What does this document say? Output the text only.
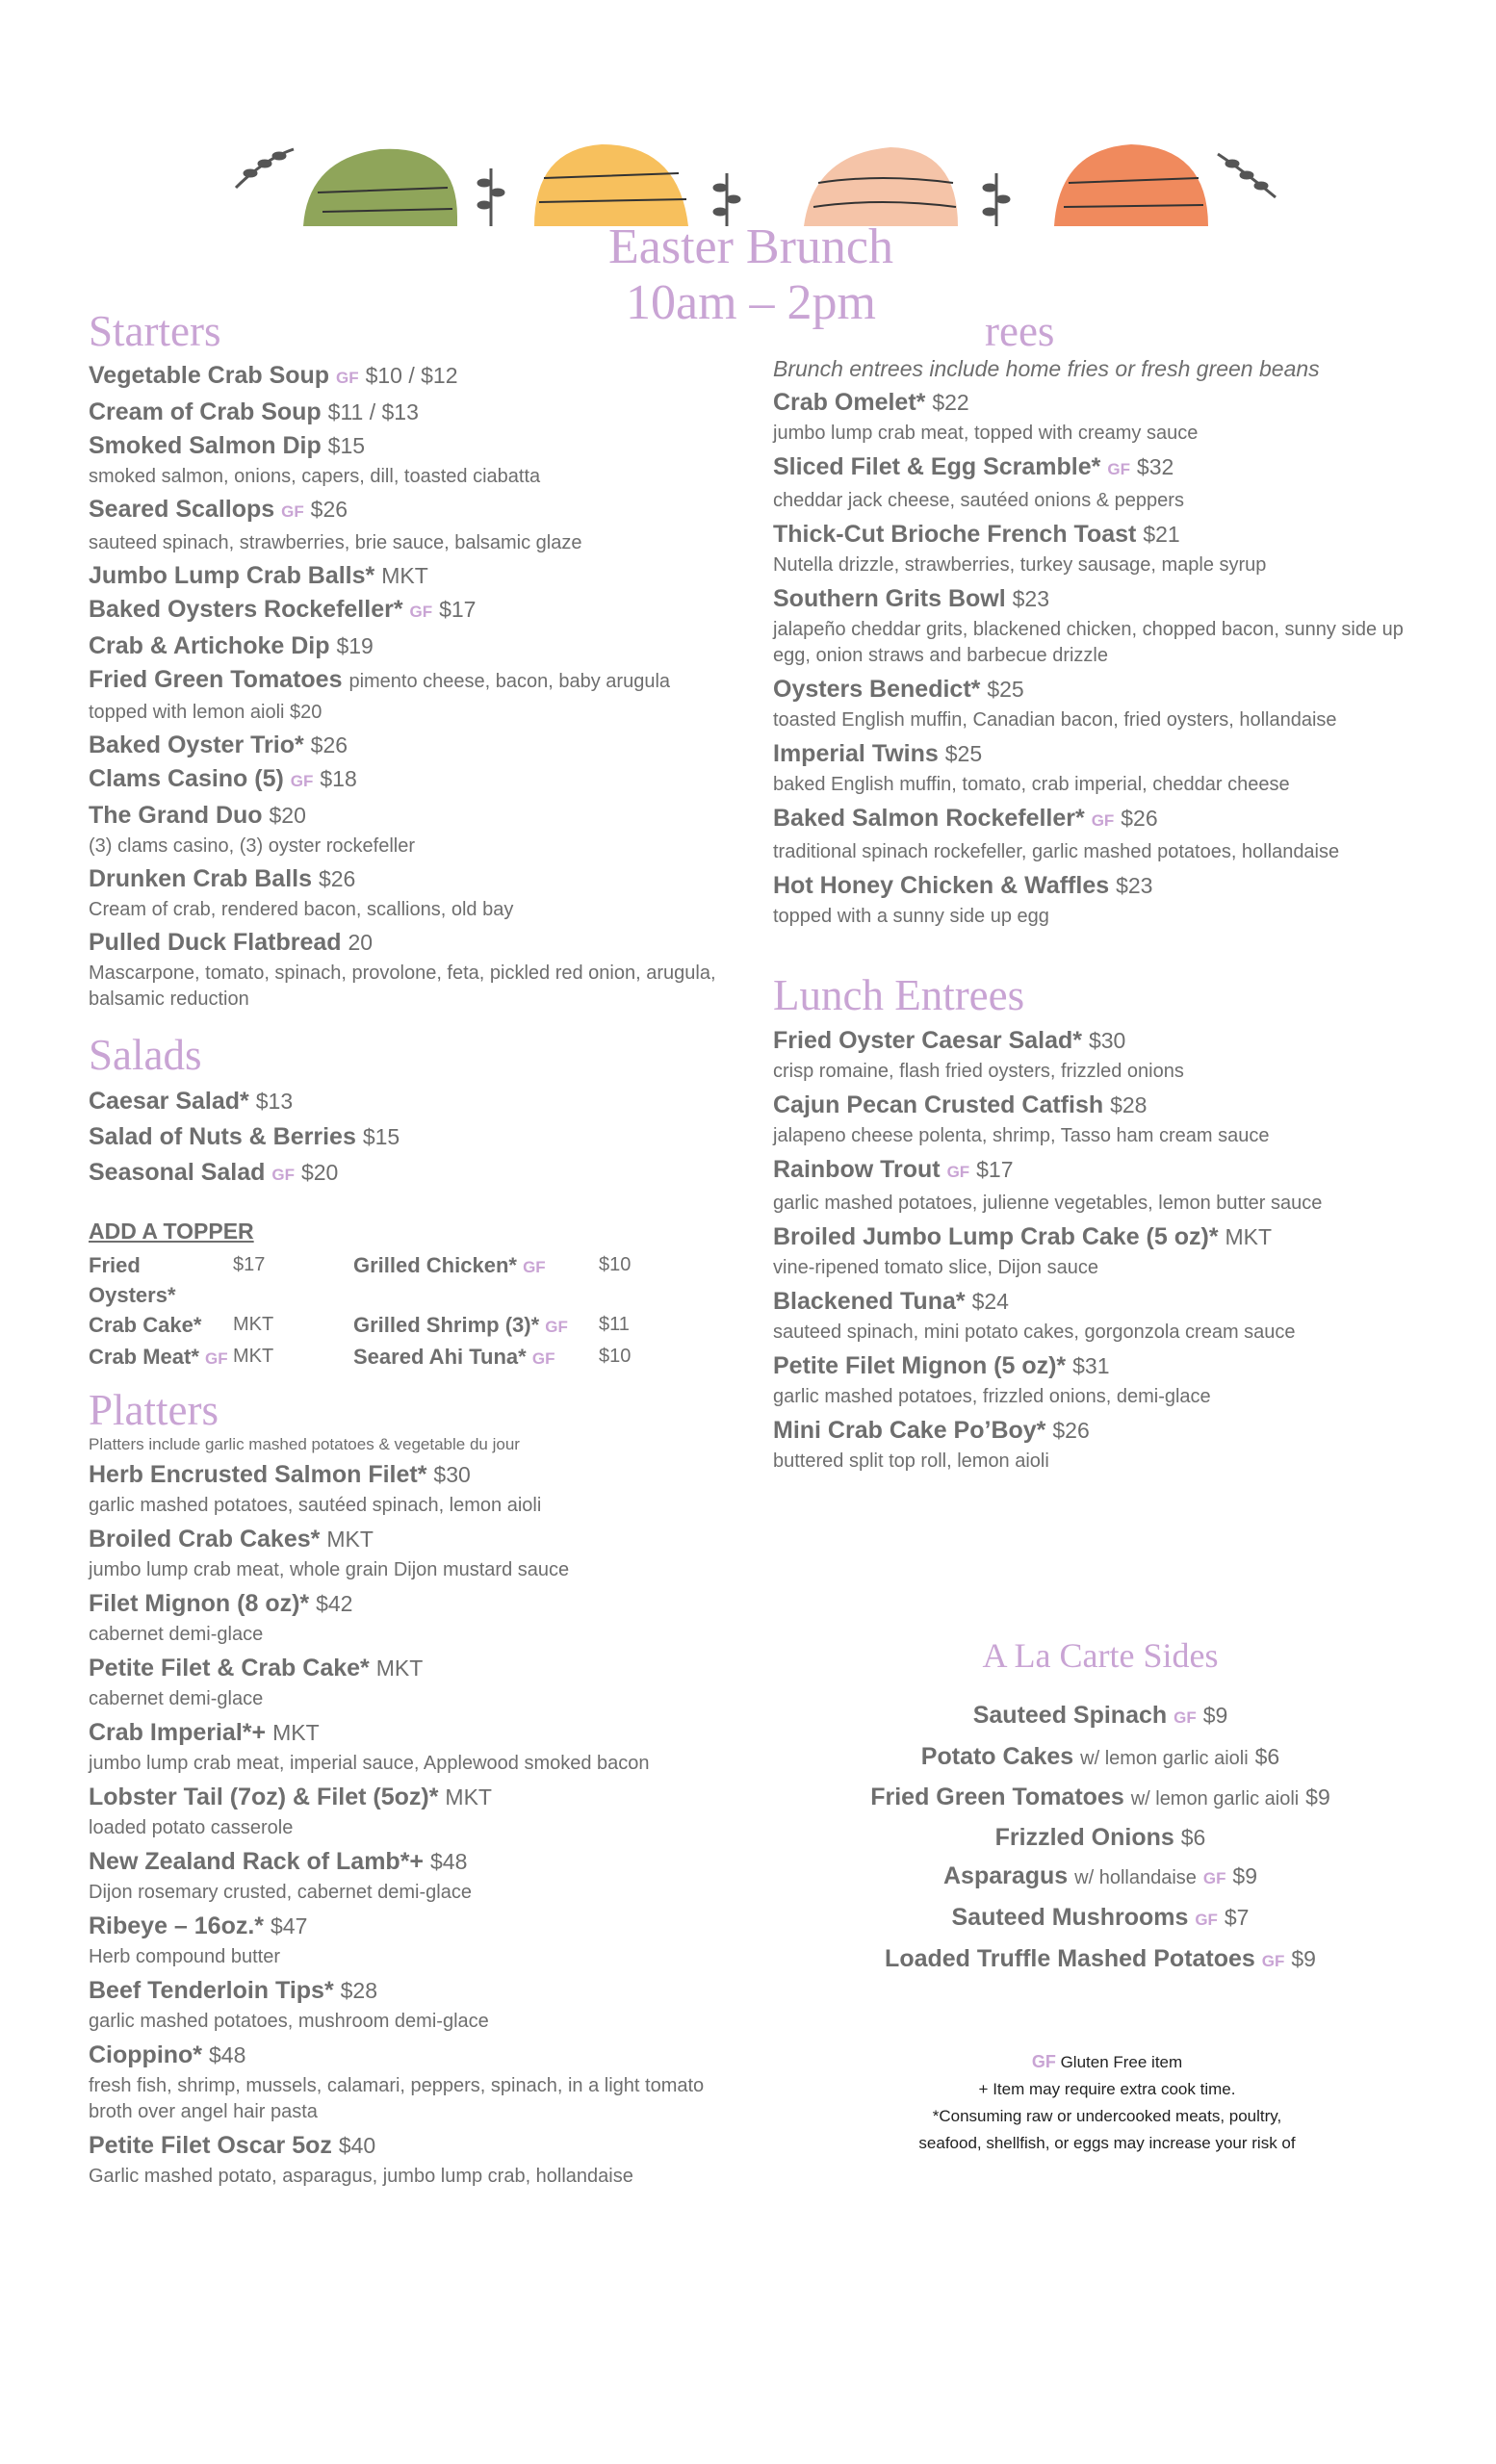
Easter Brunch
10am – 2pm
Starters
Vegetable Crab Soup GF $10 / $12
Cream of Crab Soup $11 / $13
Smoked Salmon Dip $15
smoked salmon, onions, capers, dill, toasted ciabatta
Seared Scallops GF $26
sauteed spinach, strawberries, brie sauce, balsamic glaze
Jumbo Lump Crab Balls* MKT
Baked Oysters Rockefeller* GF $17
Crab & Artichoke Dip $19
Fried Green Tomatoes pimento cheese, bacon, baby arugula
topped with lemon aioli $20
Baked Oyster Trio* $26
Clams Casino (5) GF $18
The Grand Duo $20
(3) clams casino, (3) oyster rockefeller
Drunken Crab Balls $26
Cream of crab, rendered bacon, scallions, old bay
Pulled Duck Flatbread 20
Mascarpone, tomato, spinach, provolone, feta, pickled red onion, arugula, balsamic reduction
Salads
Caesar Salad* $13
Salad of Nuts & Berries $15
Seasonal Salad GF $20
ADD A TOPPER
Fried Oysters*	$17	Grilled Chicken* GF	$10
Crab Cake*	MKT	Grilled Shrimp (3)* GF	$11
Crab Meat* GF	MKT	Seared Ahi Tuna* GF	$10
Platters
Platters include garlic mashed potatoes & vegetable du jour
Herb Encrusted Salmon Filet* $30
garlic mashed potatoes, sautéed spinach, lemon aioli
Broiled Crab Cakes* MKT
jumbo lump crab meat, whole grain Dijon mustard sauce
Filet Mignon (8 oz)* $42
cabernet demi-glace
Petite Filet & Crab Cake* MKT
cabernet demi-glace
Crab Imperial*+ MKT
jumbo lump crab meat, imperial sauce, Applewood smoked bacon
Lobster Tail (7oz) & Filet (5oz)* MKT
loaded potato casserole
New Zealand Rack of Lamb*+ $48
Dijon rosemary crusted, cabernet demi-glace
Ribeye – 16oz.* $47
Herb compound butter
Beef Tenderloin Tips* $28
garlic mashed potatoes, mushroom demi-glace
Cioppino* $48
fresh fish, shrimp, mussels, calamari, peppers, spinach, in a light tomato broth over angel hair pasta
Petite Filet Oscar 5oz $40
Garlic mashed potato, asparagus, jumbo lump crab, hollandaise
rees
Brunch entrees include home fries or fresh green beans
Crab Omelet* $22
jumbo lump crab meat, topped with creamy sauce
Sliced Filet & Egg Scramble* GF $32
cheddar jack cheese, sautéed onions & peppers
Thick-Cut Brioche French Toast $21
Nutella drizzle, strawberries, turkey sausage, maple syrup
Southern Grits Bowl $23
jalapeño cheddar grits, blackened chicken, chopped bacon, sunny side up egg, onion straws and barbecue drizzle
Oysters Benedict* $25
toasted English muffin, Canadian bacon, fried oysters, hollandaise
Imperial Twins $25
baked English muffin, tomato, crab imperial, cheddar cheese
Baked Salmon Rockefeller* GF $26
traditional spinach rockefeller, garlic mashed potatoes, hollandaise
Hot Honey Chicken & Waffles $23
topped with a sunny side up egg
Lunch Entrees
Fried Oyster Caesar Salad* $30
crisp romaine, flash fried oysters, frizzled onions
Cajun Pecan Crusted Catfish $28
jalapeno cheese polenta, shrimp, Tasso ham cream sauce
Rainbow Trout GF $17
garlic mashed potatoes, julienne vegetables, lemon butter sauce
Broiled Jumbo Lump Crab Cake (5 oz)* MKT
vine-ripened tomato slice, Dijon sauce
Blackened Tuna* $24
sauteed spinach, mini potato cakes, gorgonzola cream sauce
Petite Filet Mignon (5 oz)* $31
garlic mashed potatoes, frizzled onions, demi-glace
Mini Crab Cake Po’Boy* $26
buttered split top roll, lemon aioli
A La Carte Sides
Sauteed Spinach GF $9
Potato Cakes w/ lemon garlic aioli $6
Fried Green Tomatoes w/ lemon garlic aioli $9
Frizzled Onions $6
Asparagus w/ hollandaise GF $9
Sauteed Mushrooms GF $7
Loaded Truffle Mashed Potatoes GF $9
GF Gluten Free item
+ Item may require extra cook time.
*Consuming raw or undercooked meats, poultry,
seafood, shellfish, or eggs may increase your risk of
